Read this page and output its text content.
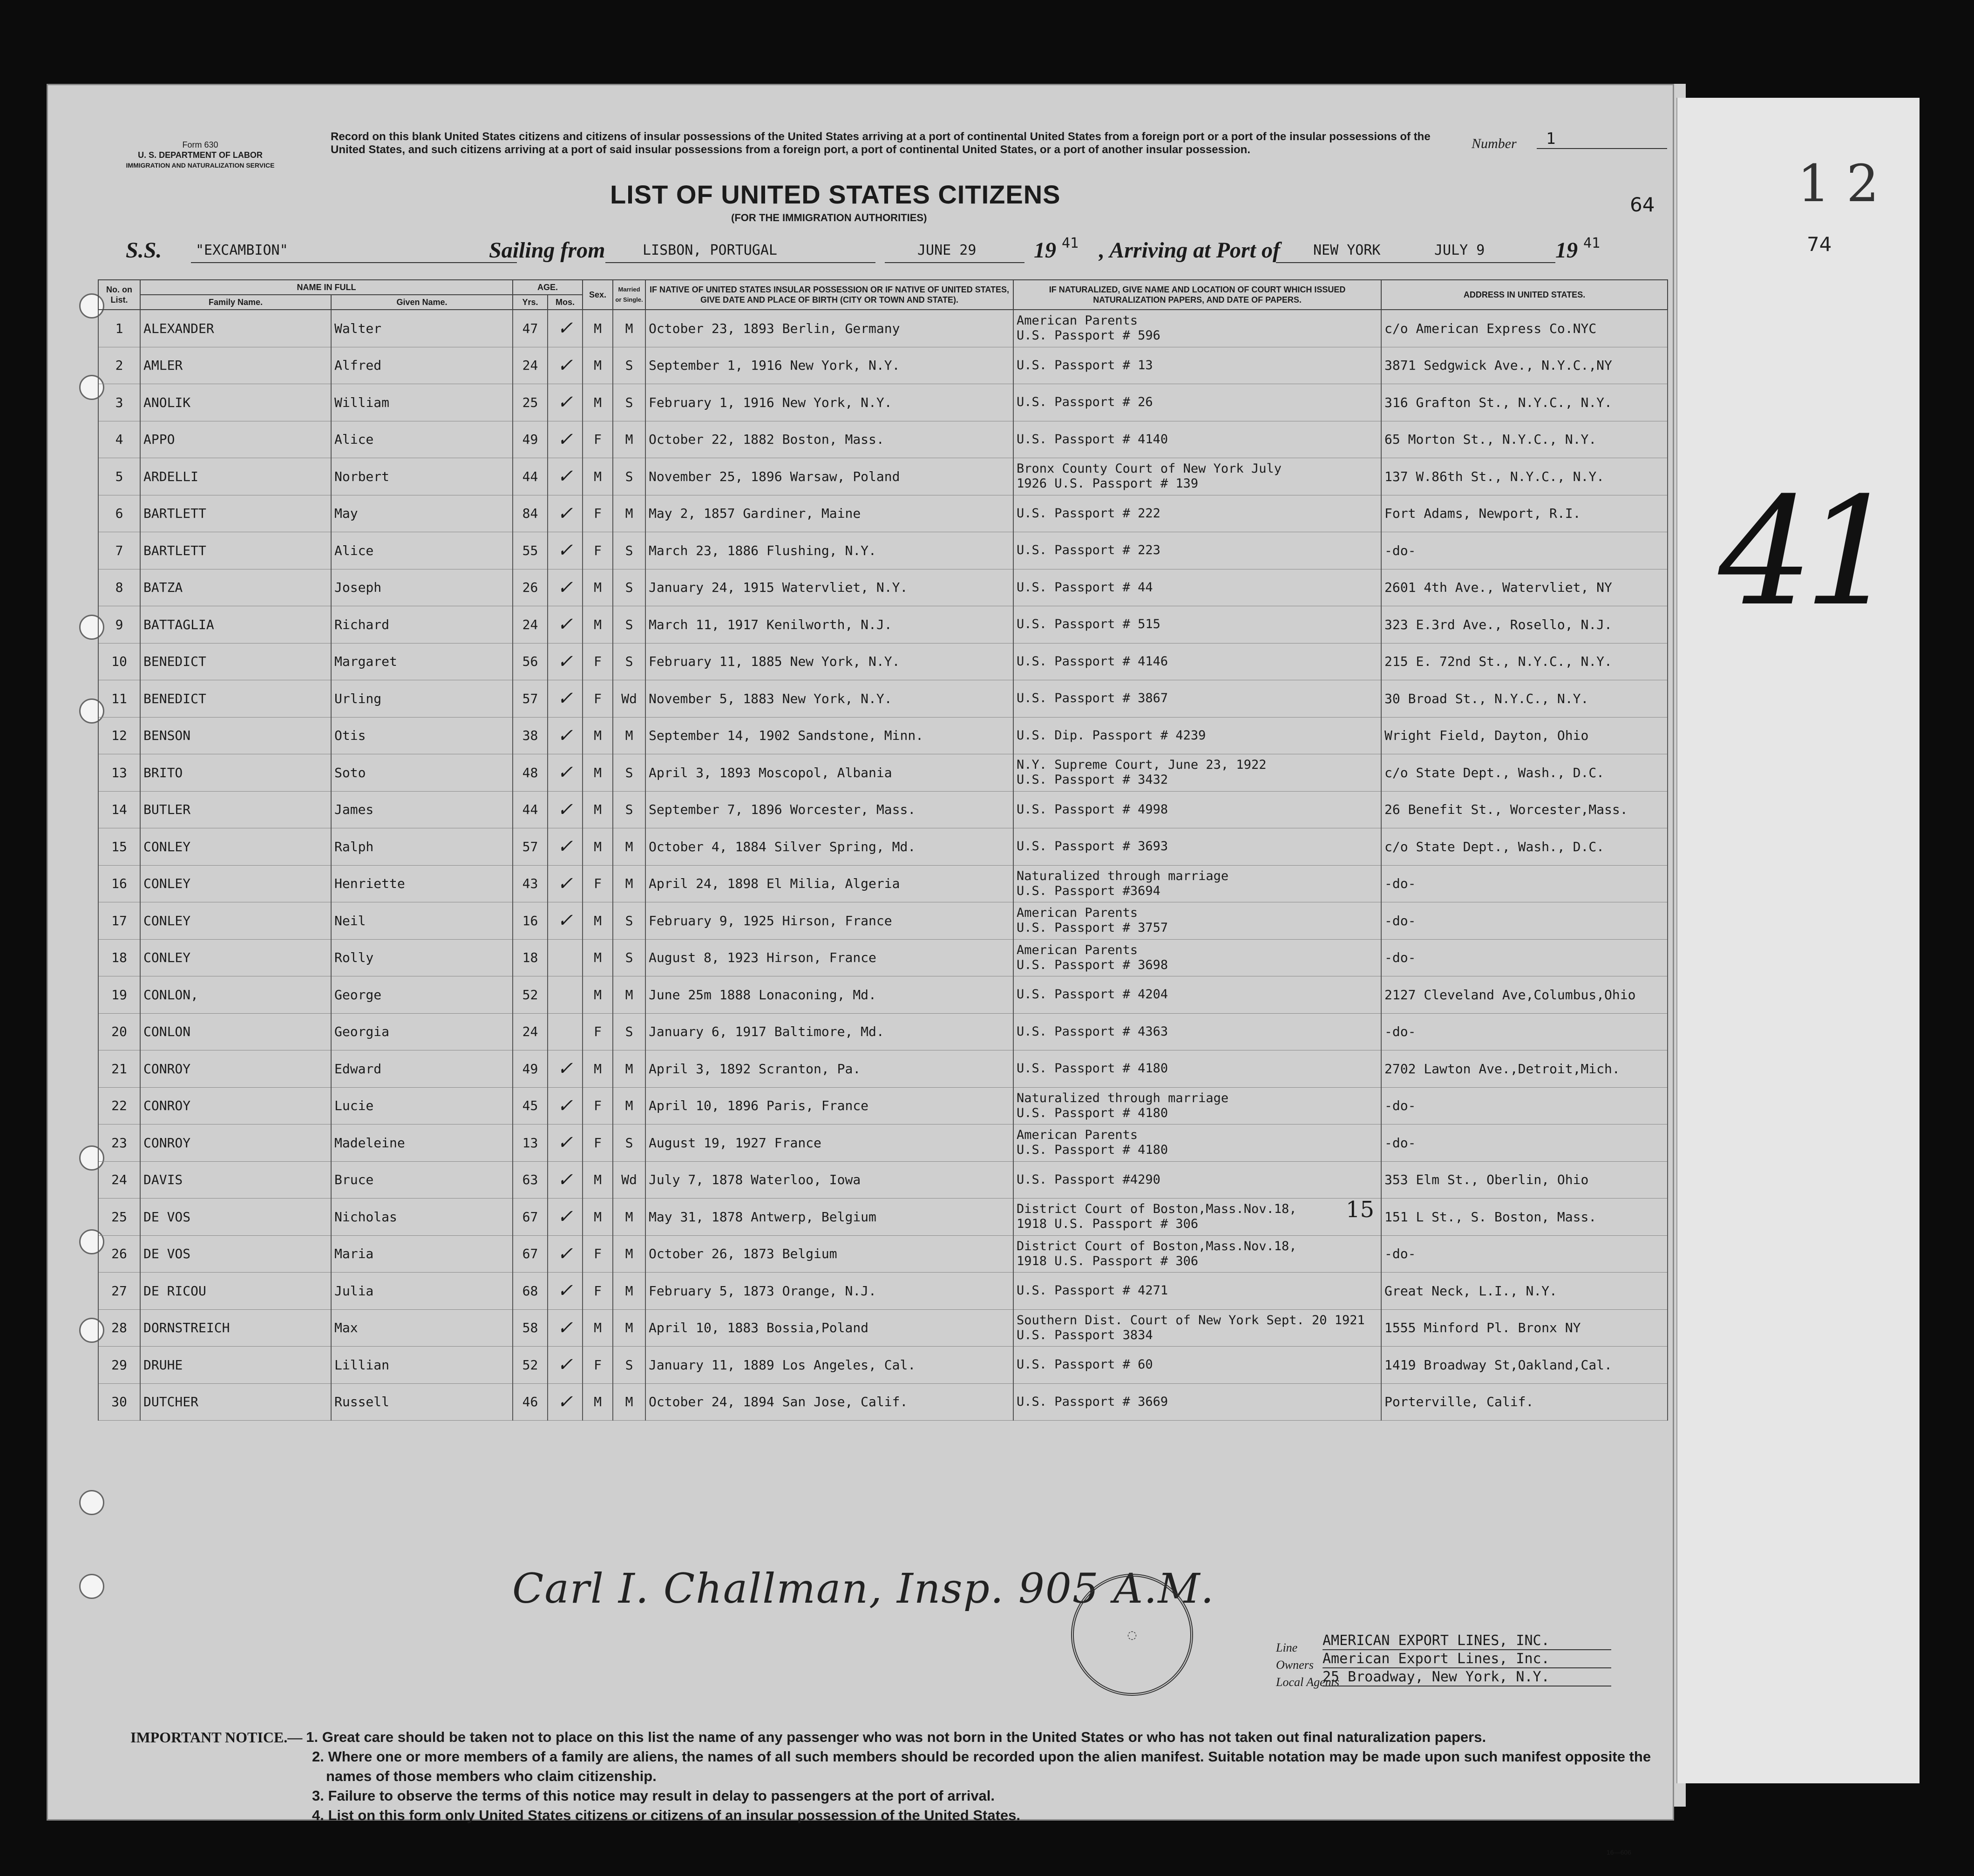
1 2
74
41
Form 630
U. S. DEPARTMENT OF LABOR
IMMIGRATION AND NATURALIZATION SERVICE
Record on this blank United States citizens and citizens of insular possessions of the United States arriving at a port of continental United States from a foreign port or a port of the insular possessions of the United States, and such citizens arriving at a port of said insular possessions from a foreign port, a port of continental United States, or a port of another insular possession.	Number	1
LIST OF UNITED STATES CITIZENS
(FOR THE IMMIGRATION AUTHORITIES)
64
S.S. "EXCAMBION"	Sailing from	LISBON, PORTUGAL	JUNE 29	19 41 , Arriving at Port of NEW YORK	JULY 9	19 41
No. on List.	NAME IN FULL		AGE.		Sex.	Married or Single.	IF NATIVE OF UNITED STATES INSULAR POSSESSION OR IF NATIVE OF UNITED STATES, GIVE DATE AND PLACE OF BIRTH (CITY OR TOWN AND STATE).	IF NATURALIZED, GIVE NAME AND LOCATION OF COURT WHICH ISSUED NATURALIZATION PAPERS, AND DATE OF PAPERS.	ADDRESS IN UNITED STATES.
	Family Name.	Given Name.	Yrs.	Mos.					
1	ALEXANDER	Walter	47	✓	M	M	October 23, 1893 Berlin, Germany	American Parents
U.S. Passport # 596	c/o American Express Co.NYC
2	AMLER	Alfred	24	✓	M	S	September 1, 1916 New York, N.Y.	U.S. Passport # 13	3871 Sedgwick Ave., N.Y.C.,NY
3	ANOLIK	William	25	✓	M	S	February 1, 1916 New York, N.Y.	U.S. Passport # 26	316 Grafton St., N.Y.C., N.Y.
4	APPO	Alice	49	✓	F	M	October 22, 1882 Boston, Mass.	U.S. Passport # 4140	65 Morton St., N.Y.C., N.Y.
5	ARDELLI	Norbert	44	✓	M	S	November 25, 1896 Warsaw, Poland	Bronx County Court of New York July
1926 U.S. Passport # 139	137 W.86th St., N.Y.C., N.Y.
6	BARTLETT	May	84	✓	F	M	May 2, 1857 Gardiner, Maine	U.S. Passport # 222	Fort Adams, Newport, R.I.
7	BARTLETT	Alice	55	✓	F	S	March 23, 1886 Flushing, N.Y.	U.S. Passport # 223	-do-
8	BATZA	Joseph	26	✓	M	S	January 24, 1915 Watervliet, N.Y.	U.S. Passport # 44	2601 4th Ave., Watervliet, NY
9	BATTAGLIA	Richard	24	✓	M	S	March 11, 1917 Kenilworth, N.J.	U.S. Passport # 515	323 E.3rd Ave., Rosello, N.J.
10	BENEDICT	Margaret	56	✓	F	S	February 11, 1885 New York, N.Y.	U.S. Passport # 4146	215 E. 72nd St., N.Y.C., N.Y.
11	BENEDICT	Urling	57	✓	F	Wd	November 5, 1883 New York, N.Y.	U.S. Passport # 3867	30 Broad St., N.Y.C., N.Y.
12	BENSON	Otis	38	✓	M	M	September 14, 1902 Sandstone, Minn.	U.S. Dip. Passport # 4239	Wright Field, Dayton, Ohio
13	BRITO	Soto	48	✓	M	S	April 3, 1893 Moscopol, Albania	N.Y. Supreme Court, June 23, 1922
U.S. Passport # 3432	c/o State Dept., Wash., D.C.
14	BUTLER	James	44	✓	M	S	September 7, 1896 Worcester, Mass.	U.S. Passport # 4998	26 Benefit St., Worcester,Mass.
15	CONLEY	Ralph	57	✓	M	M	October 4, 1884 Silver Spring, Md.	U.S. Passport # 3693	c/o State Dept., Wash., D.C.
16	CONLEY	Henriette	43	✓	F	M	April 24, 1898 El Milia, Algeria	Naturalized through marriage
U.S. Passport #3694	-do-
17	CONLEY	Neil	16	✓	M	S	February 9, 1925 Hirson, France	American Parents
U.S. Passport # 3757	-do-
18	CONLEY	Rolly	18		M	S	August 8, 1923 Hirson, France	American Parents
U.S. Passport # 3698	-do-
19	CONLON,	George	52		M	M	June 25m 1888 Lonaconing, Md.	U.S. Passport # 4204	2127 Cleveland Ave,Columbus,Ohio
20	CONLON	Georgia	24		F	S	January 6, 1917 Baltimore, Md.	U.S. Passport # 4363	-do-
21	CONROY	Edward	49	✓	M	M	April 3, 1892 Scranton, Pa.	U.S. Passport # 4180	2702 Lawton Ave.,Detroit,Mich.
22	CONROY	Lucie	45	✓	F	M	April 10, 1896 Paris, France	Naturalized through marriage
U.S. Passport # 4180	-do-
23	CONROY	Madeleine	13	✓	F	S	August 19, 1927 France	American Parents
U.S. Passport # 4180	-do-
24	DAVIS	Bruce	63	✓	M	Wd	July 7, 1878 Waterloo, Iowa	U.S. Passport #4290	353 Elm St., Oberlin, Ohio
25	DE VOS	Nicholas	67	✓	M	M	May 31, 1878 Antwerp, Belgium	District Court of Boston,Mass.Nov.18,
1918 U.S. Passport # 306	151 L St., S. Boston, Mass.
26	DE VOS	Maria	67	✓	F	M	October 26, 1873 Belgium	District Court of Boston,Mass.Nov.18,
1918 U.S. Passport # 306	-do-
27	DE RICOU	Julia	68	✓	F	M	February 5, 1873 Orange, N.J.	U.S. Passport # 4271	Great Neck, L.I., N.Y.
28	DORNSTREICH	Max	58	✓	M	M	April 10, 1883 Bossia,Poland	Southern Dist. Court of New York Sept. 20 1921
U.S. Passport 3834	1555 Minford Pl. Bronx NY
29	DRUHE	Lillian	52	✓	F	S	January 11, 1889 Los Angeles, Cal.	U.S. Passport # 60	1419 Broadway St,Oakland,Cal.
30	DUTCHER	Russell	46	✓	M	M	October 24, 1894 San Jose, Calif.	U.S. Passport # 3669	Porterville, Calif.
15
Carl I. Challman, Insp. 905 A.M.
◌
Line
Owners
Local Agents
AMERICAN EXPORT LINES, INC.
American Export Lines, Inc.
25 Broadway, New York, N.Y.
IMPORTANT NOTICE.— 1. Great care should be taken not to place on this list the name of any passenger who was not born in the United States or who has not taken out final naturalization papers.
2. Where one or more members of a family are aliens, the names of all such members should be recorded upon the alien manifest. Suitable notation may be made upon such manifest opposite the names of those members who claim citizenship.
3. Failure to observe the terms of this notice may result in delay to passengers at the port of arrival.
4. List on this form only United States citizens or citizens of an insular possession of the United States.
16—606
